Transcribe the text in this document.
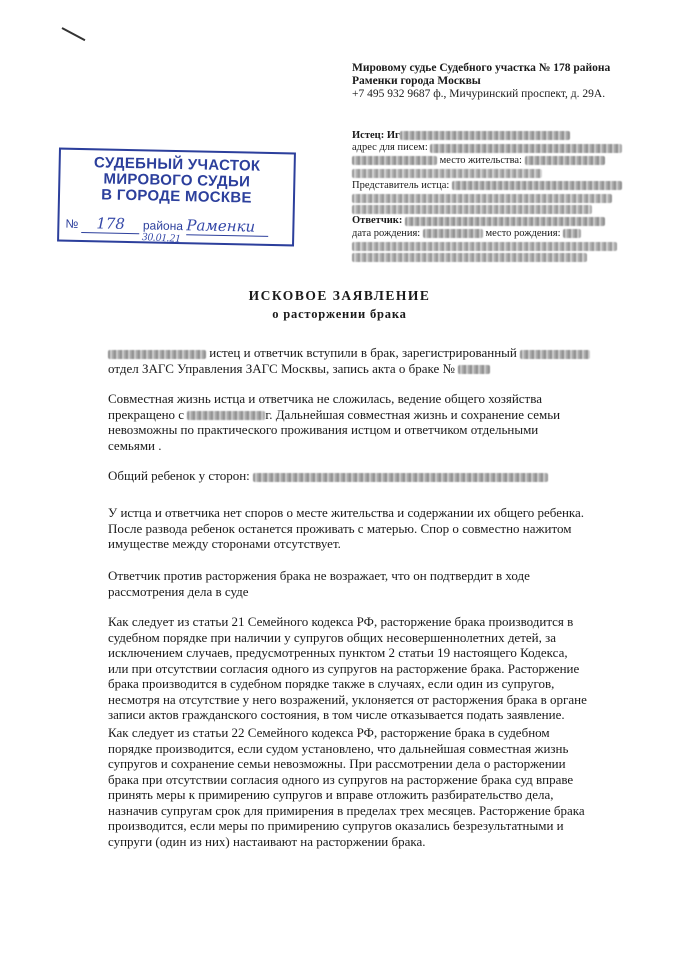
Мировому судье Судебного участка № 178 района
Раменки города Москвы
+7 495 932 9687 ф., Мичуринский проспект, д. 29А.
Истец: Иг
адрес для писем:
место жительства:
Представитель истца:
Ответчик:
дата рождения:	место рождения:
СУДЕБНЫЙ УЧАСТОК
МИРОВОГО СУДЬИ
В ГОРОДЕ МОСКВЕ
№ 178 района Раменки
30.01.21
ИСКОВОЕ ЗАЯВЛЕНИЕ
о расторжении брака
истец и ответчик вступили в брак, зарегистрированный
отдел ЗАГС Управления ЗАГС Москвы, запись акта о браке №
Совместная жизнь истца и ответчика не сложилась, ведение общего хозяйства
прекращено с	г. Дальнейшая совместная жизнь и сохранение семьи
невозможны по практического проживания истцом и ответчиком отдельными
семьями .
Общий ребенок у сторон:
У истца и ответчика нет споров о месте жительства и содержании их общего ребенка.
После развода ребенок останется проживать с матерью. Спор о совместно нажитом
имуществе между сторонами отсутствует.
Ответчик против расторжения брака не возражает, что он подтвердит в ходе
рассмотрения дела в суде
Как следует из статьи 21 Семейного кодекса РФ, расторжение брака производится в
судебном порядке при наличии у супругов общих несовершеннолетних детей, за
исключением случаев, предусмотренных пунктом 2 статьи 19 настоящего Кодекса,
или при отсутствии согласия одного из супругов на расторжение брака. Расторжение
брака производится в судебном порядке также в случаях, если один из супругов,
несмотря на отсутствие у него возражений, уклоняется от расторжения брака в органе
записи актов гражданского состояния, в том числе отказывается подать заявление.
Как следует из статьи 22 Семейного кодекса РФ, расторжение брака в судебном
порядке производится, если судом установлено, что дальнейшая совместная жизнь
супругов и сохранение семьи невозможны. При рассмотрении дела о расторжении
брака при отсутствии согласия одного из супругов на расторжение брака суд вправе
принять меры к примирению супругов и вправе отложить разбирательство дела,
назначив супругам срок для примирения в пределах трех месяцев. Расторжение брака
производится, если меры по примирению супругов оказались безрезультатными и
супруги (один из них) настаивают на расторжении брака.
